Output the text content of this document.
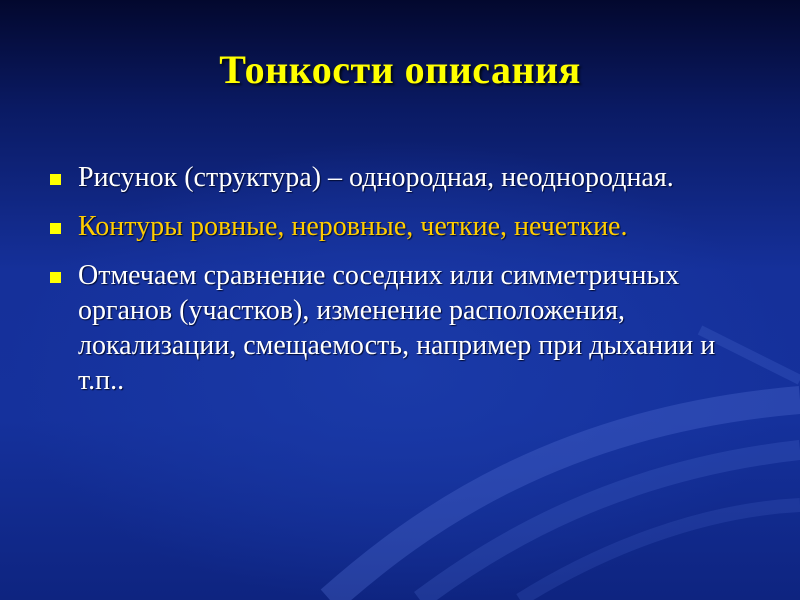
Тонкости описания
Рисунок (структура) – однородная, неоднородная.
Контуры ровные, неровные, четкие, нечеткие.
Отмечаем сравнение соседних или симметричных органов (участков), изменение расположения, локализации, смещаемость, например при дыхании и т.п..
